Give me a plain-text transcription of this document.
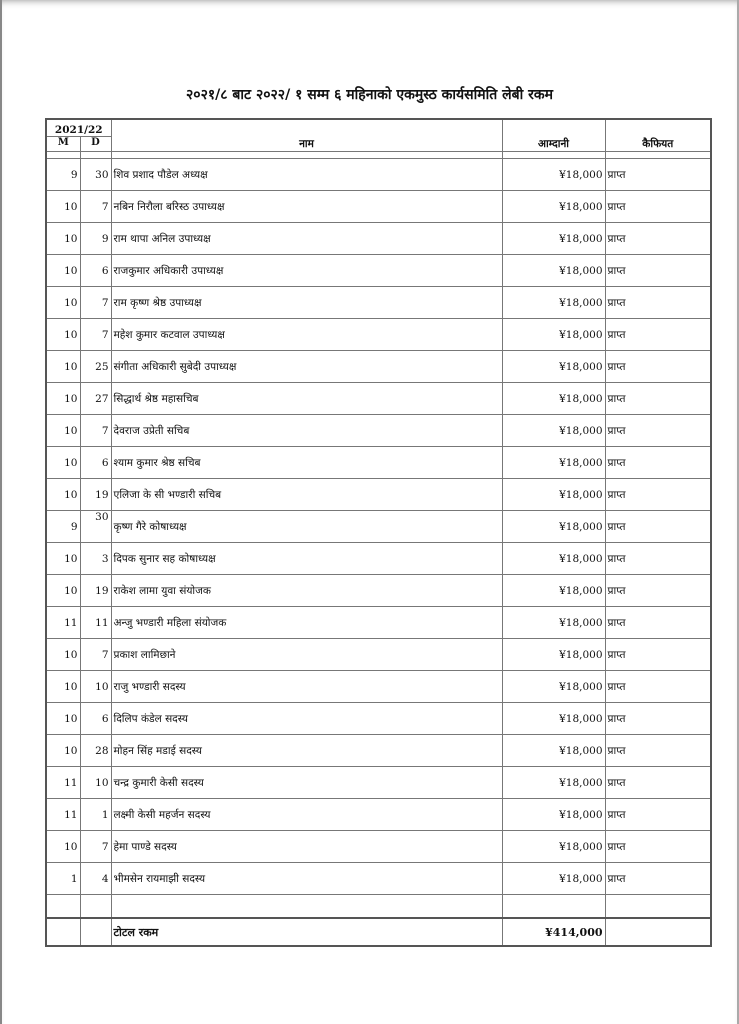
२०२१/८ बाट २०२२/ १ सम्म ६ महिनाको एकमुस्ठ कार्यसमिति लेबी रकम
2021/22		नाम	आम्दानी	कैफियत
M	D			

9	30	शिव प्रशाद पौडेल अध्यक्ष	¥18,000	प्राप्त
10	7	नबिन निरौला बरिस्ठ उपाध्यक्ष	¥18,000	प्राप्त
10	9	राम थापा अनिल उपाध्यक्ष	¥18,000	प्राप्त
10	6	राजकुमार अधिकारी उपाध्यक्ष	¥18,000	प्राप्त
10	7	राम कृष्ण श्रेष्ठ उपाध्यक्ष	¥18,000	प्राप्त
10	7	महेश कुमार कटवाल उपाध्यक्ष	¥18,000	प्राप्त
10	25	संगीता अधिकारी सुबेदी उपाध्यक्ष	¥18,000	प्राप्त
10	27	सिद्धार्थ श्रेष्ठ महासचिब	¥18,000	प्राप्त
10	7	देवराज उप्रेती सचिब	¥18,000	प्राप्त
10	6	श्याम कुमार श्रेष्ठ सचिब	¥18,000	प्राप्त
10	19	एलिजा के सी भण्डारी सचिब	¥18,000	प्राप्त
9	30	कृष्ण गैरे कोषाध्यक्ष	¥18,000	प्राप्त
10	3	दिपक सुनार सह कोषाध्यक्ष	¥18,000	प्राप्त
10	19	राकेश लामा युवा संयोजक	¥18,000	प्राप्त
11	11	अन्जु भण्डारी महिला संयोजक	¥18,000	प्राप्त
10	7	प्रकाश लामिछाने	¥18,000	प्राप्त
10	10	राजु भण्डारी सदस्य	¥18,000	प्राप्त
10	6	दिलिप कंडेल सदस्य	¥18,000	प्राप्त
10	28	मोहन सिंह मडाई सदस्य	¥18,000	प्राप्त
11	10	चन्द्र कुमारी केसी सदस्य	¥18,000	प्राप्त
11	1	लक्ष्मी केसी महर्जन सदस्य	¥18,000	प्राप्त
10	7	हेमा पाण्डे सदस्य	¥18,000	प्राप्त
1	4	भीमसेन रायमाझी सदस्य	¥18,000	प्राप्त

		टोटल रकम	¥414,000	
